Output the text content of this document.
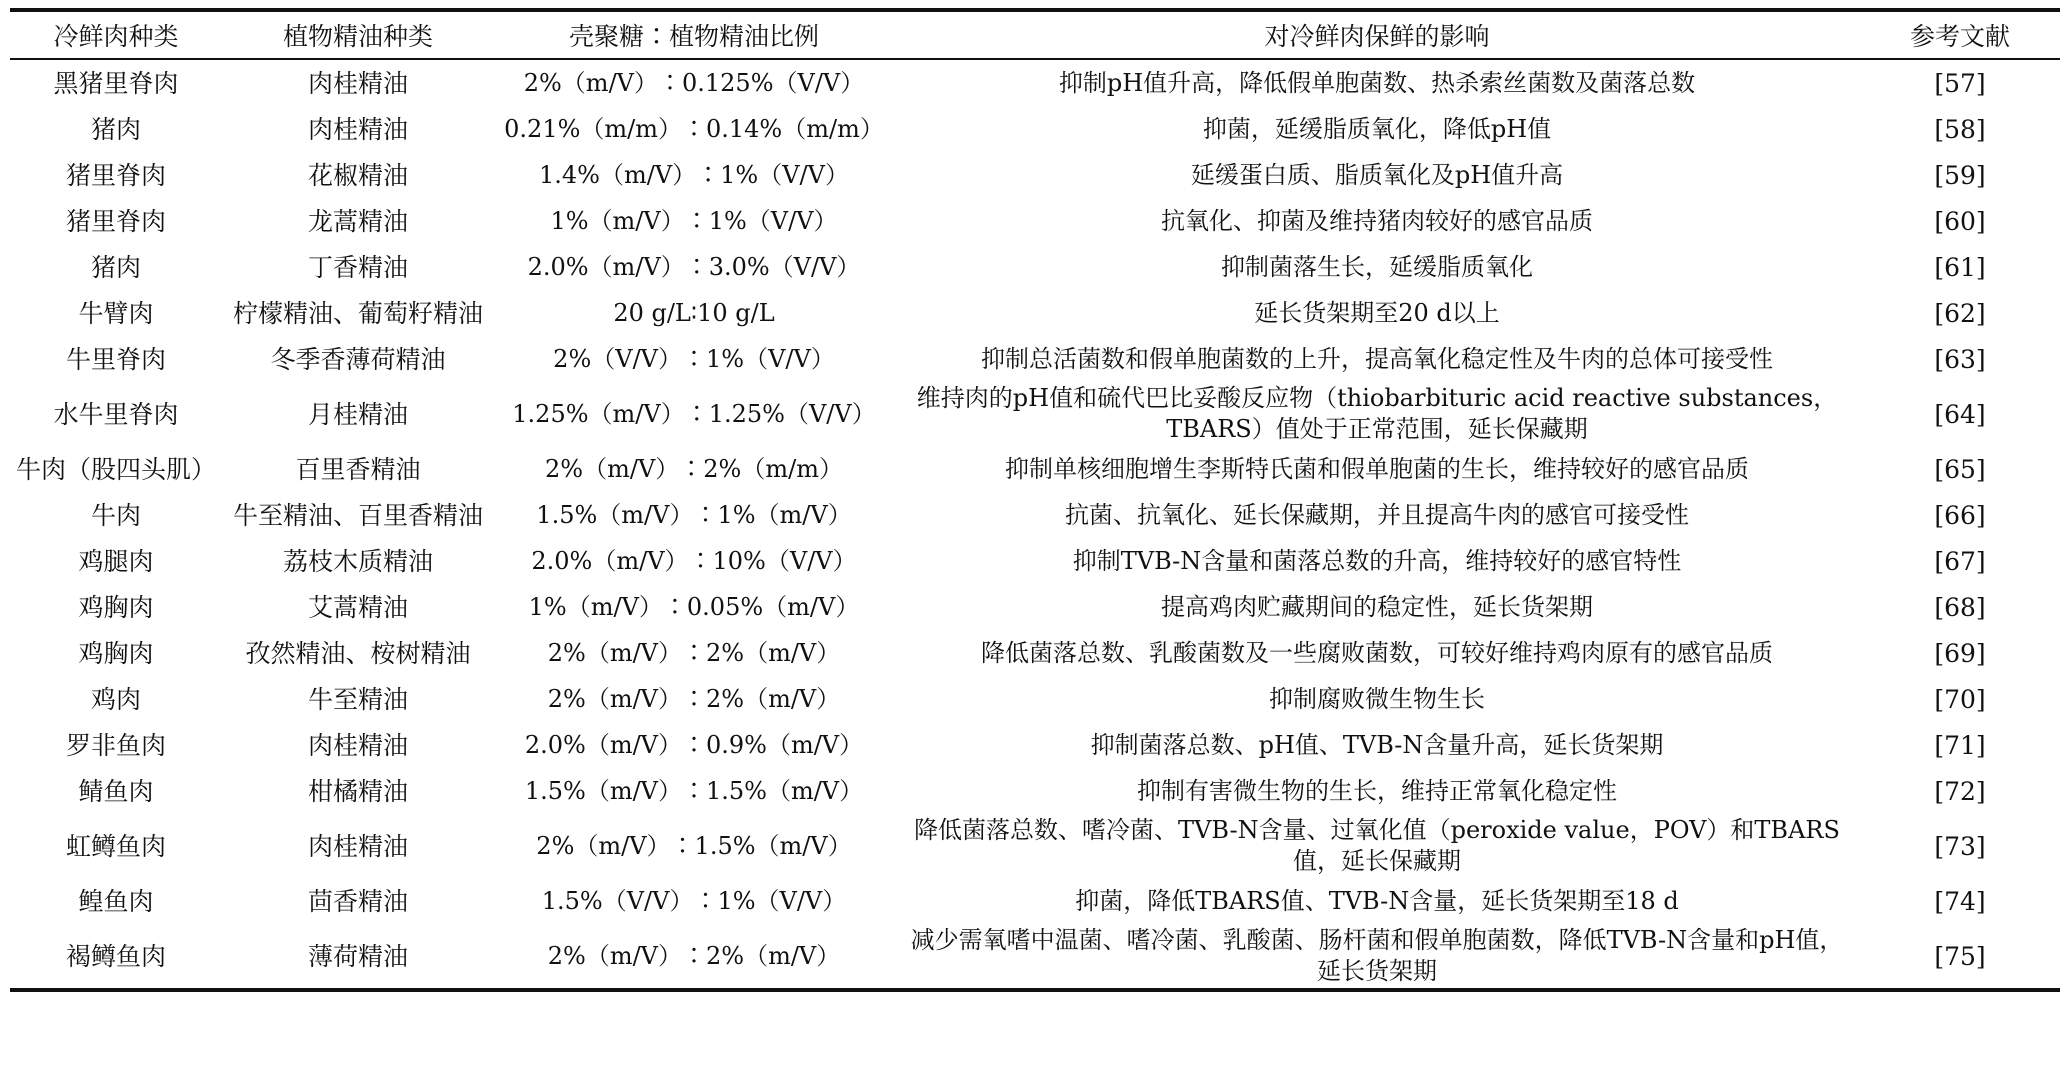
冷鲜肉种类	植物精油种类	壳聚糖∶植物精油比例	对冷鲜肉保鲜的影响	参考文献
黑猪里脊肉	肉桂精油	2%（m/V）∶0.125%（V/V）	抑制pH值升高，降低假单胞菌数、热杀索丝菌数及菌落总数	[57]
猪肉	肉桂精油	0.21%（m/m）∶0.14%（m/m）	抑菌，延缓脂质氧化，降低pH值	[58]
猪里脊肉	花椒精油	1.4%（m/V）∶1%（V/V）	延缓蛋白质、脂质氧化及pH值升高	[59]
猪里脊肉	龙蒿精油	1%（m/V）∶1%（V/V）	抗氧化、抑菌及维持猪肉较好的感官品质	[60]
猪肉	丁香精油	2.0%（m/V）∶3.0%（V/V）	抑制菌落生长，延缓脂质氧化	[61]
牛臂肉	柠檬精油、葡萄籽精油	20 g/L∶10 g/L	延长货架期至20 d以上	[62]
牛里脊肉	冬季香薄荷精油	2%（V/V）∶1%（V/V）	抑制总活菌数和假单胞菌数的上升，提高氧化稳定性及牛肉的总体可接受性	[63]
水牛里脊肉	月桂精油	1.25%（m/V）∶1.25%（V/V）	维持肉的pH值和硫代巴比妥酸反应物（thiobarbituric acid reactive substances，TBARS）值处于正常范围，延长保藏期	[64]
牛肉（股四头肌）	百里香精油	2%（m/V）∶2%（m/m）	抑制单核细胞增生李斯特氏菌和假单胞菌的生长，维持较好的感官品质	[65]
牛肉	牛至精油、百里香精油	1.5%（m/V）∶1%（m/V）	抗菌、抗氧化、延长保藏期，并且提高牛肉的感官可接受性	[66]
鸡腿肉	荔枝木质精油	2.0%（m/V）∶10%（V/V）	抑制TVB-N含量和菌落总数的升高，维持较好的感官特性	[67]
鸡胸肉	艾蒿精油	1%（m/V）∶0.05%（m/V）	提高鸡肉贮藏期间的稳定性，延长货架期	[68]
鸡胸肉	孜然精油、桉树精油	2%（m/V）∶2%（m/V）	降低菌落总数、乳酸菌数及一些腐败菌数，可较好维持鸡肉原有的感官品质	[69]
鸡肉	牛至精油	2%（m/V）∶2%（m/V）	抑制腐败微生物生长	[70]
罗非鱼肉	肉桂精油	2.0%（m/V）∶0.9%（m/V）	抑制菌落总数、pH值、TVB-N含量升高，延长货架期	[71]
鲭鱼肉	柑橘精油	1.5%（m/V）∶1.5%（m/V）	抑制有害微生物的生长，维持正常氧化稳定性	[72]
虹鳟鱼肉	肉桂精油	2%（m/V）∶1.5%（m/V）	降低菌落总数、嗜冷菌、TVB-N含量、过氧化值（peroxide value，POV）和TBARS值，延长保藏期	[73]
鳇鱼肉	茴香精油	1.5%（V/V）∶1%（V/V）	抑菌，降低TBARS值、TVB-N含量，延长货架期至18 d	[74]
褐鳟鱼肉	薄荷精油	2%（m/V）∶2%（m/V）	减少需氧嗜中温菌、嗜冷菌、乳酸菌、肠杆菌和假单胞菌数，降低TVB-N含量和pH值，延长货架期	[75]
